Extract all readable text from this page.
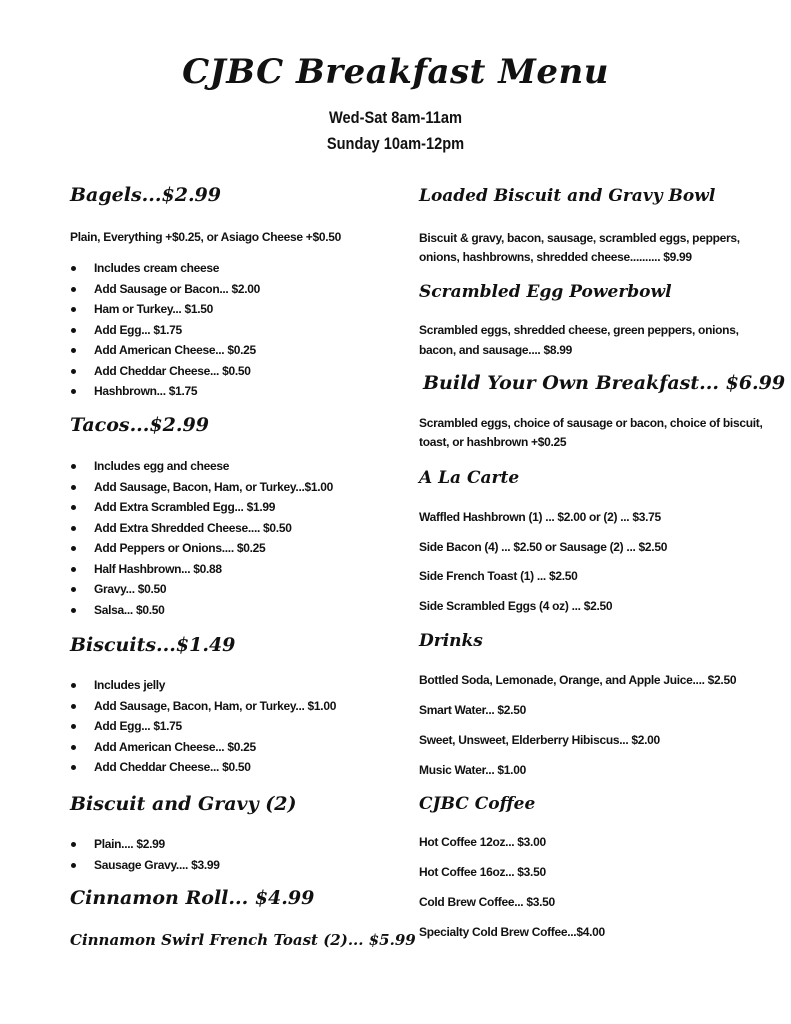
CJBC Breakfast Menu
Wed-Sat 8am-11am
Sunday 10am-12pm
Bagels...$2.99
Plain, Everything +$0.25, or Asiago Cheese +$0.50
Includes cream cheese
Add Sausage or Bacon... $2.00
Ham or Turkey... $1.50
Add Egg... $1.75
Add American Cheese... $0.25
Add Cheddar Cheese... $0.50
Hashbrown... $1.75
Tacos...$2.99
Includes egg and cheese
Add Sausage, Bacon, Ham, or Turkey...$1.00
Add Extra Scrambled Egg... $1.99
Add Extra Shredded Cheese.... $0.50
Add Peppers or Onions.... $0.25
Half Hashbrown... $0.88
Gravy... $0.50
Salsa... $0.50
Biscuits...$1.49
Includes jelly
Add Sausage, Bacon, Ham, or Turkey... $1.00
Add Egg... $1.75
Add American Cheese... $0.25
Add Cheddar Cheese... $0.50
Biscuit and Gravy (2)
Plain.... $2.99
Sausage Gravy.... $3.99
Cinnamon Roll... $4.99
Cinnamon Swirl French Toast (2)... $5.99
Loaded Biscuit and Gravy Bowl
Biscuit & gravy, bacon, sausage, scrambled eggs, peppers,
onions, hashbrowns, shredded cheese.......... $9.99
Scrambled Egg Powerbowl
Scrambled eggs, shredded cheese, green peppers, onions,
bacon, and sausage.... $8.99
Build Your Own Breakfast... $6.99
Scrambled eggs, choice of sausage or bacon, choice of biscuit,
toast, or hashbrown +$0.25
A La Carte
Waffled Hashbrown (1) ... $2.00 or (2) ... $3.75
Side Bacon (4) ... $2.50 or Sausage (2) ... $2.50
Side French Toast (1) ... $2.50
Side Scrambled Eggs (4 oz) ... $2.50
Drinks
Bottled Soda, Lemonade, Orange, and Apple Juice.... $2.50
Smart Water... $2.50
Sweet, Unsweet, Elderberry Hibiscus... $2.00
Music Water... $1.00
CJBC Coffee
Hot Coffee 12oz... $3.00
Hot Coffee 16oz... $3.50
Cold Brew Coffee... $3.50
Specialty Cold Brew Coffee...$4.00
